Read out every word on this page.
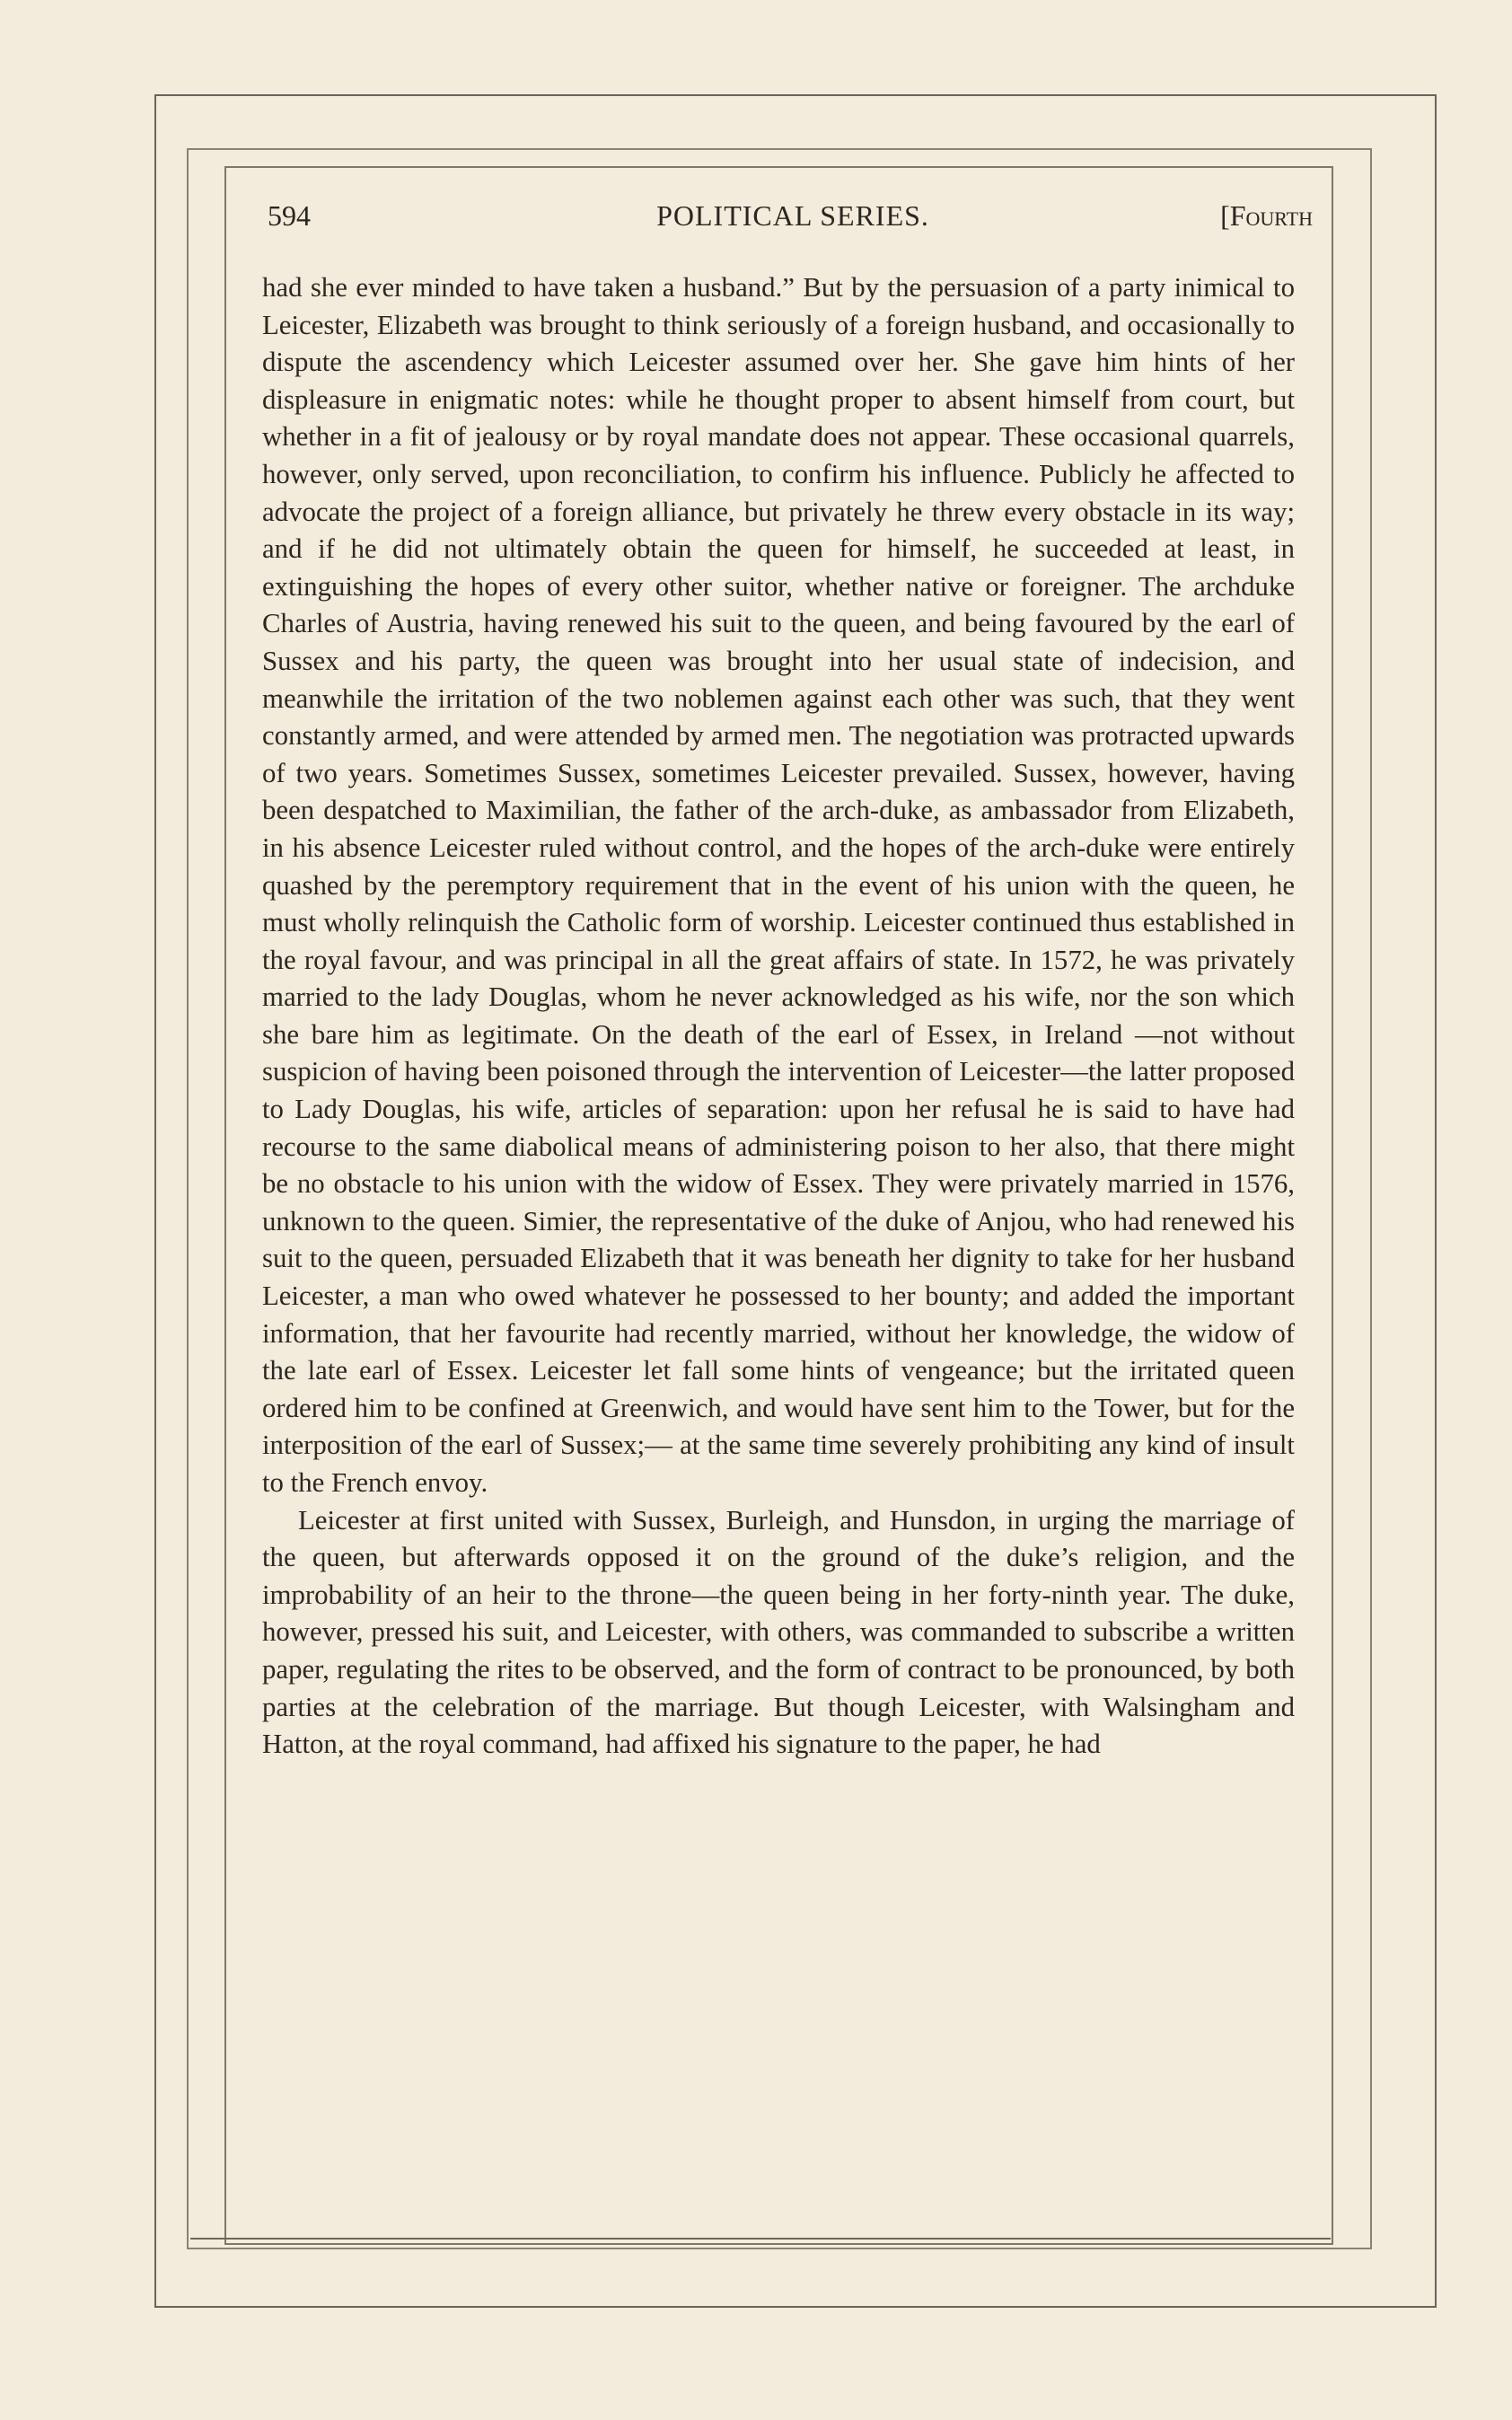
594	POLITICAL SERIES.	[Fourth

had she ever minded to have taken a husband.” But by the persuasion of a party inimical to Leicester, Elizabeth was brought to think seriously of a foreign husband, and occasionally to dispute the ascendency which Leicester assumed over her. She gave him hints of her displeasure in enigmatic notes: while he thought proper to absent himself from court, but whether in a fit of jealousy or by royal mandate does not appear. These occasional quarrels, however, only served, upon reconciliation, to confirm his influence. Publicly he affected to advocate the project of a foreign alliance, but privately he threw every obstacle in its way; and if he did not ultimately obtain the queen for himself, he succeeded at least, in extinguishing the hopes of every other suitor, whether native or foreigner. The archduke Charles of Austria, having renewed his suit to the queen, and being favoured by the earl of Sussex and his party, the queen was brought into her usual state of indecision, and meanwhile the irritation of the two noblemen against each other was such, that they went constantly armed, and were attended by armed men. The negotiation was protracted upwards of two years. Sometimes Sussex, sometimes Leicester prevailed. Sussex, however, having been despatched to Maximilian, the father of the arch-duke, as ambassador from Elizabeth, in his absence Leicester ruled without control, and the hopes of the arch-duke were entirely quashed by the peremptory requirement that in the event of his union with the queen, he must wholly relinquish the Catholic form of worship. Leicester continued thus established in the royal favour, and was principal in all the great affairs of state. In 1572, he was privately married to the lady Douglas, whom he never acknowledged as his wife, nor the son which she bare him as legitimate. On the death of the earl of Essex, in Ireland —not without suspicion of having been poisoned through the intervention of Leicester—the latter proposed to Lady Douglas, his wife, articles of separation: upon her refusal he is said to have had recourse to the same diabolical means of administering poison to her also, that there might be no obstacle to his union with the widow of Essex. They were privately married in 1576, unknown to the queen. Simier, the representative of the duke of Anjou, who had renewed his suit to the queen, persuaded Elizabeth that it was beneath her dignity to take for her husband Leicester, a man who owed whatever he possessed to her bounty; and added the important information, that her favourite had recently married, without her knowledge, the widow of the late earl of Essex. Leicester let fall some hints of vengeance; but the irritated queen ordered him to be confined at Greenwich, and would have sent him to the Tower, but for the interposition of the earl of Sussex;— at the same time severely prohibiting any kind of insult to the French envoy.

Leicester at first united with Sussex, Burleigh, and Hunsdon, in urging the marriage of the queen, but afterwards opposed it on the ground of the duke’s religion, and the improbability of an heir to the throne—the queen being in her forty-ninth year. The duke, however, pressed his suit, and Leicester, with others, was commanded to subscribe a written paper, regulating the rites to be observed, and the form of contract to be pronounced, by both parties at the celebration of the marriage. But though Leicester, with Walsingham and Hatton, at the royal command, had affixed his signature to the paper, he had
